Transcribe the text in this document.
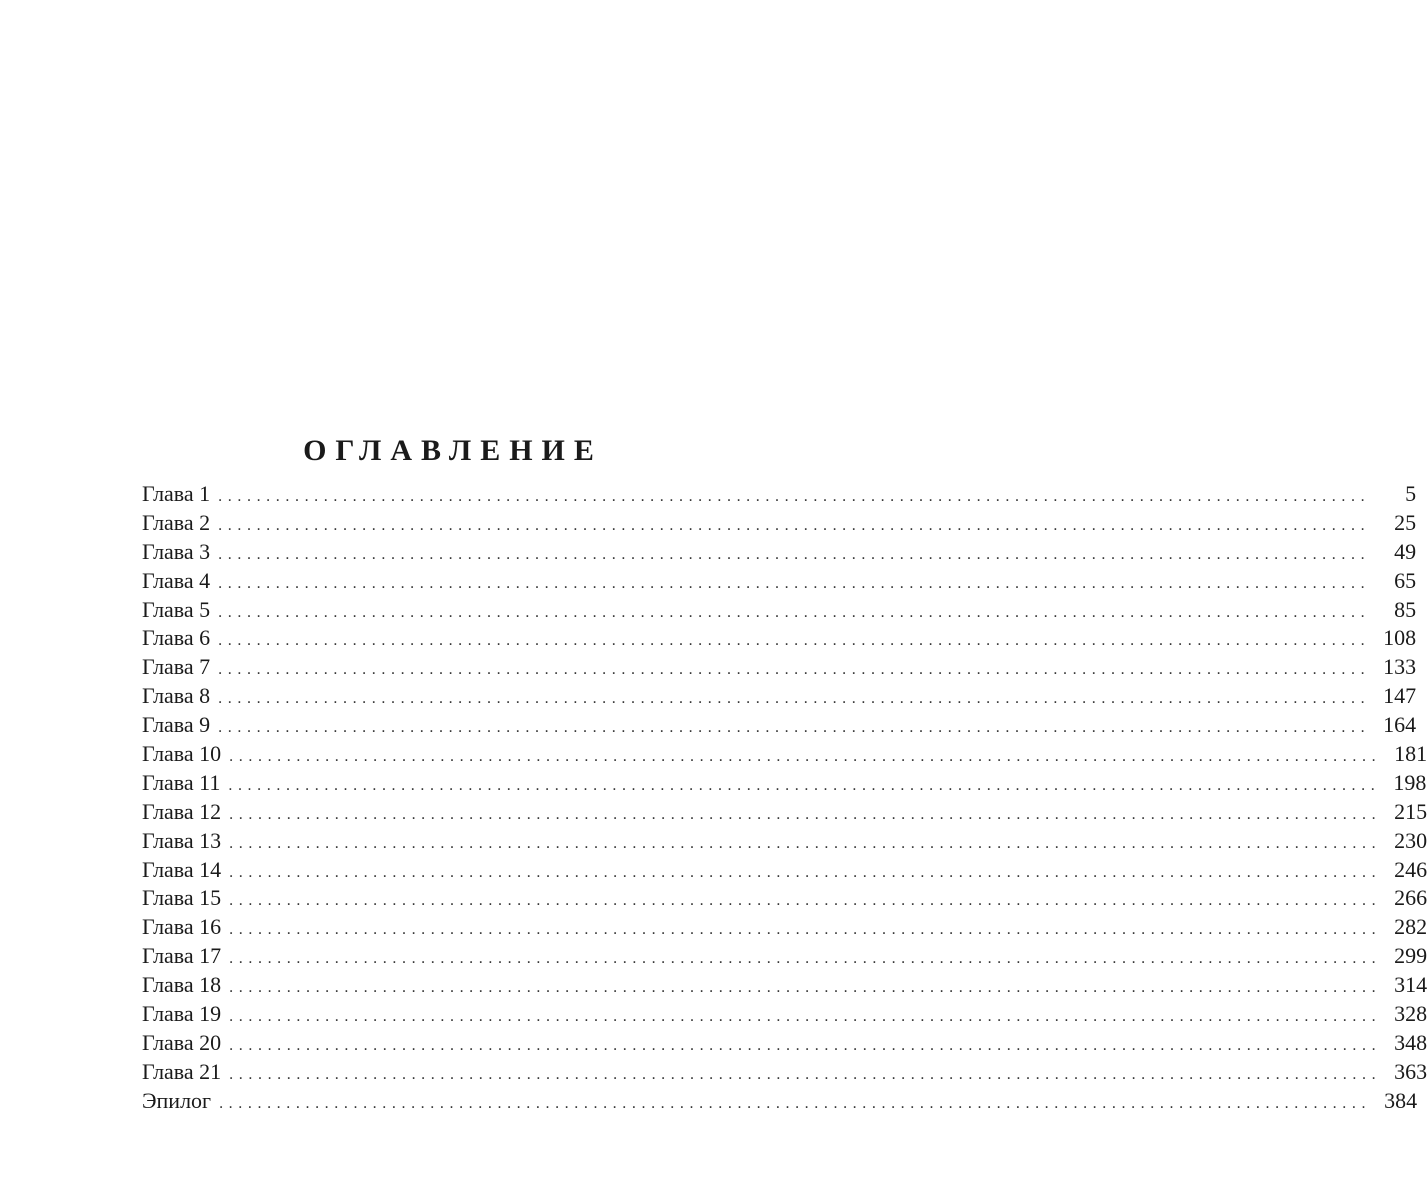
ОГЛАВЛЕНИЕ
Глава 1 ........................................................................................................................	5
Глава 2 ........................................................................................................................	25
Глава 3 ........................................................................................................................	49
Глава 4 ........................................................................................................................	65
Глава 5 ........................................................................................................................	85
Глава 6 ........................................................................................................................ 108
Глава 7 ........................................................................................................................ 133
Глава 8 ........................................................................................................................ 147
Глава 9 ........................................................................................................................ 164
Глава 10 ........................................................................................................................ 181
Глава 11 ........................................................................................................................ 198
Глава 12 ........................................................................................................................ 215
Глава 13 ........................................................................................................................ 230
Глава 14 ........................................................................................................................ 246
Глава 15 ........................................................................................................................ 266
Глава 16 ........................................................................................................................ 282
Глава 17 ........................................................................................................................ 299
Глава 18 ........................................................................................................................ 314
Глава 19 ........................................................................................................................ 328
Глава 20 ........................................................................................................................ 348
Глава 21 ........................................................................................................................ 363
Эпилог ........................................................................................................................ 384
